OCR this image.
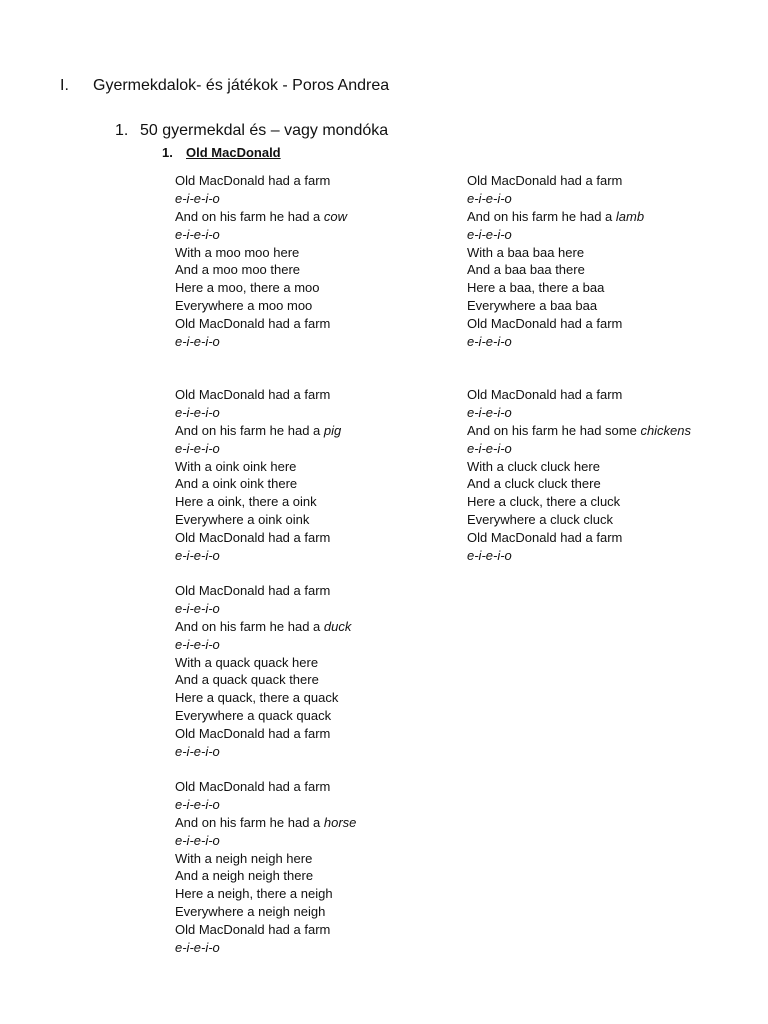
I. Gyermekdalok- és játékok - Poros Andrea
1. 50 gyermekdal és – vagy mondóka
1. Old MacDonald
Old MacDonald had a farm
e-i-e-i-o
And on his farm he had a cow
e-i-e-i-o
With a moo moo here
And a moo moo there
Here a moo, there a moo
Everywhere a moo moo
Old MacDonald had a farm
e-i-e-i-o
Old MacDonald had a farm
e-i-e-i-o
And on his farm he had a lamb
e-i-e-i-o
With a baa baa here
And a baa baa there
Here a baa, there a baa
Everywhere a baa baa
Old MacDonald had a farm
e-i-e-i-o
Old MacDonald had a farm
e-i-e-i-o
And on his farm he had a pig
e-i-e-i-o
With a oink oink here
And a oink oink there
Here a oink, there a oink
Everywhere a oink oink
Old MacDonald had a farm
e-i-e-i-o
Old MacDonald had a farm
e-i-e-i-o
And on his farm he had some chickens
e-i-e-i-o
With a cluck cluck here
And a cluck cluck there
Here a cluck, there a cluck
Everywhere a cluck cluck
Old MacDonald had a farm
e-i-e-i-o
Old MacDonald had a farm
e-i-e-i-o
And on his farm he had a duck
e-i-e-i-o
With a quack quack here
And a quack quack there
Here a quack, there a quack
Everywhere a quack quack
Old MacDonald had a farm
e-i-e-i-o
Old MacDonald had a farm
e-i-e-i-o
And on his farm he had a horse
e-i-e-i-o
With a neigh neigh here
And a neigh neigh there
Here a neigh, there a neigh
Everywhere a neigh neigh
Old MacDonald had a farm
e-i-e-i-o
